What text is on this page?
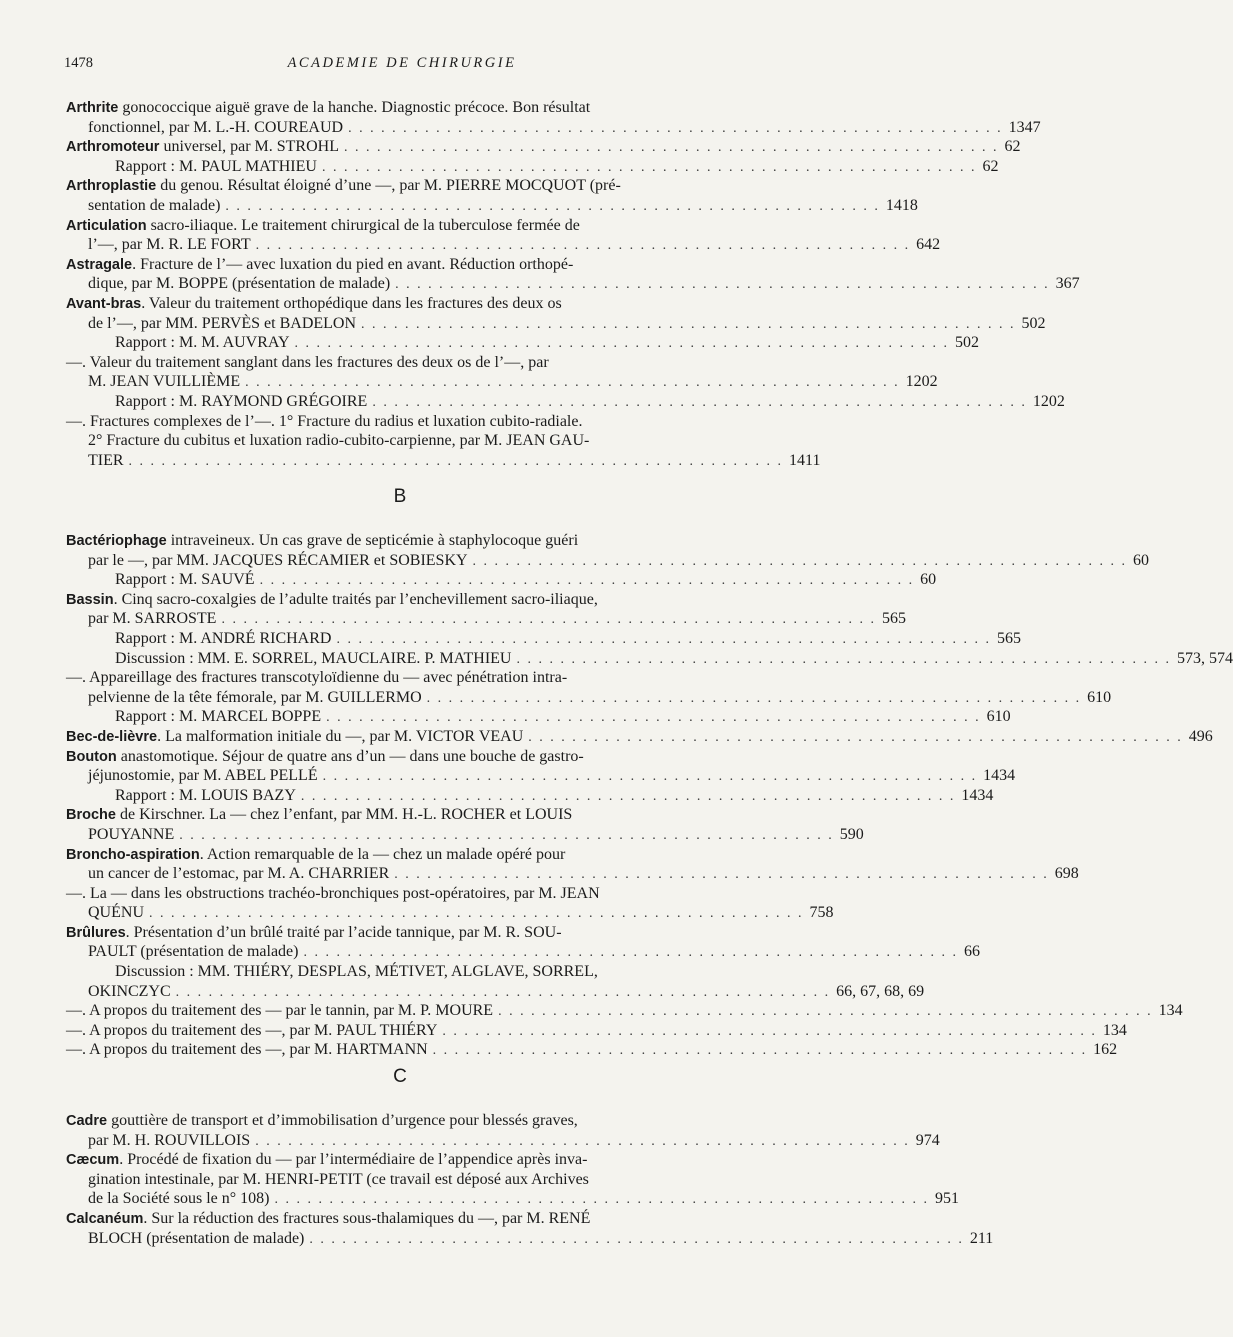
1478	ACADEMIE DE CHIRURGIE
Arthrite gonococcique aiguë grave de la hanche. Diagnostic précoce. Bon résultat
fonctionnel, par M. L.-H. COUREAUD . . . . . . . . . . . . . . . . . . . . . . . . . . . . . . . . . . . . . . . . . . . . . . . . . . . . . . . . . . . . 1347
Arthromoteur universel, par M. STROHL . . . . . . . . . . . . . . . . . . . . . . . . . . . . . . . . . . . . . . . . . . . . . . . . . . . . . . . . . . . . 62
Rapport : M. PAUL MATHIEU . . . . . . . . . . . . . . . . . . . . . . . . . . . . . . . . . . . . . . . . . . . . . . . . . . . . . . . . . . . . 62
Arthroplastie du genou. Résultat éloigné d’une —, par M. PIERRE MOCQUOT (pré-
sentation de malade) . . . . . . . . . . . . . . . . . . . . . . . . . . . . . . . . . . . . . . . . . . . . . . . . . . . . . . . . . . . . 1418
Articulation sacro-iliaque. Le traitement chirurgical de la tuberculose fermée de
l’—, par M. R. LE FORT . . . . . . . . . . . . . . . . . . . . . . . . . . . . . . . . . . . . . . . . . . . . . . . . . . . . . . . . . . . . 642
Astragale. Fracture de l’— avec luxation du pied en avant. Réduction orthopé-
dique, par M. BOPPE (présentation de malade) . . . . . . . . . . . . . . . . . . . . . . . . . . . . . . . . . . . . . . . . . . . . . . . . . . . . . . . . . . . . 367
Avant-bras. Valeur du traitement orthopédique dans les fractures des deux os
de l’—, par MM. PERVÈS et BADELON . . . . . . . . . . . . . . . . . . . . . . . . . . . . . . . . . . . . . . . . . . . . . . . . . . . . . . . . . . . . 502
Rapport : M. M. AUVRAY . . . . . . . . . . . . . . . . . . . . . . . . . . . . . . . . . . . . . . . . . . . . . . . . . . . . . . . . . . . . 502
—. Valeur du traitement sanglant dans les fractures des deux os de l’—, par
M. JEAN VUILLIÈME . . . . . . . . . . . . . . . . . . . . . . . . . . . . . . . . . . . . . . . . . . . . . . . . . . . . . . . . . . . . 1202
Rapport : M. RAYMOND GRÉGOIRE . . . . . . . . . . . . . . . . . . . . . . . . . . . . . . . . . . . . . . . . . . . . . . . . . . . . . . . . . . . . 1202
—. Fractures complexes de l’—. 1° Fracture du radius et luxation cubito-radiale.
2° Fracture du cubitus et luxation radio-cubito-carpienne, par M. JEAN GAU-
TIER . . . . . . . . . . . . . . . . . . . . . . . . . . . . . . . . . . . . . . . . . . . . . . . . . . . . . . . . . . . . 1411
B
Bactériophage intraveineux. Un cas grave de septicémie à staphylocoque guéri
par le —, par MM. JACQUES RÉCAMIER et SOBIESKY . . . . . . . . . . . . . . . . . . . . . . . . . . . . . . . . . . . . . . . . . . . . . . . . . . . . . . . . . . . . 60
Rapport : M. SAUVÉ . . . . . . . . . . . . . . . . . . . . . . . . . . . . . . . . . . . . . . . . . . . . . . . . . . . . . . . . . . . . 60
Bassin. Cinq sacro-coxalgies de l’adulte traités par l’enchevillement sacro-iliaque,
par M. SARROSTE . . . . . . . . . . . . . . . . . . . . . . . . . . . . . . . . . . . . . . . . . . . . . . . . . . . . . . . . . . . . 565
Rapport : M. ANDRÉ RICHARD . . . . . . . . . . . . . . . . . . . . . . . . . . . . . . . . . . . . . . . . . . . . . . . . . . . . . . . . . . . . 565
Discussion : MM. E. SORREL, MAUCLAIRE. P. MATHIEU . . . . . . . . . . . . . . . . . . . . . . . . . . . . . . . . . . . . . . . . . . . . . . . . . . . . . . . . . . . . 573, 574
—. Appareillage des fractures transcotyloïdienne du — avec pénétration intra-
pelvienne de la tête fémorale, par M. GUILLERMO . . . . . . . . . . . . . . . . . . . . . . . . . . . . . . . . . . . . . . . . . . . . . . . . . . . . . . . . . . . . 610
Rapport : M. MARCEL BOPPE . . . . . . . . . . . . . . . . . . . . . . . . . . . . . . . . . . . . . . . . . . . . . . . . . . . . . . . . . . . . 610
Bec-de-lièvre. La malformation initiale du —, par M. VICTOR VEAU . . . . . . . . . . . . . . . . . . . . . . . . . . . . . . . . . . . . . . . . . . . . . . . . . . . . . . . . . . . . 496
Bouton anastomotique. Séjour de quatre ans d’un — dans une bouche de gastro-
jéjunostomie, par M. ABEL PELLÉ . . . . . . . . . . . . . . . . . . . . . . . . . . . . . . . . . . . . . . . . . . . . . . . . . . . . . . . . . . . . 1434
Rapport : M. LOUIS BAZY . . . . . . . . . . . . . . . . . . . . . . . . . . . . . . . . . . . . . . . . . . . . . . . . . . . . . . . . . . . . 1434
Broche de Kirschner. La — chez l’enfant, par MM. H.-L. ROCHER et LOUIS
POUYANNE . . . . . . . . . . . . . . . . . . . . . . . . . . . . . . . . . . . . . . . . . . . . . . . . . . . . . . . . . . . . 590
Broncho-aspiration. Action remarquable de la — chez un malade opéré pour
un cancer de l’estomac, par M. A. CHARRIER . . . . . . . . . . . . . . . . . . . . . . . . . . . . . . . . . . . . . . . . . . . . . . . . . . . . . . . . . . . . 698
—. La — dans les obstructions trachéo-bronchiques post-opératoires, par M. JEAN
QUÉNU . . . . . . . . . . . . . . . . . . . . . . . . . . . . . . . . . . . . . . . . . . . . . . . . . . . . . . . . . . . . 758
Brûlures. Présentation d’un brûlé traité par l’acide tannique, par M. R. SOU-
PAULT (présentation de malade) . . . . . . . . . . . . . . . . . . . . . . . . . . . . . . . . . . . . . . . . . . . . . . . . . . . . . . . . . . . . 66
Discussion : MM. THIÉRY, DESPLAS, MÉTIVET, ALGLAVE, SORREL,
OKINCZYC . . . . . . . . . . . . . . . . . . . . . . . . . . . . . . . . . . . . . . . . . . . . . . . . . . . . . . . . . . . . 66, 67, 68, 69
—. A propos du traitement des — par le tannin, par M. P. MOURE . . . . . . . . . . . . . . . . . . . . . . . . . . . . . . . . . . . . . . . . . . . . . . . . . . . . . . . . . . . . 134
—. A propos du traitement des —, par M. PAUL THIÉRY . . . . . . . . . . . . . . . . . . . . . . . . . . . . . . . . . . . . . . . . . . . . . . . . . . . . . . . . . . . . 134
—. A propos du traitement des —, par M. HARTMANN . . . . . . . . . . . . . . . . . . . . . . . . . . . . . . . . . . . . . . . . . . . . . . . . . . . . . . . . . . . . 162
C
Cadre gouttière de transport et d’immobilisation d’urgence pour blessés graves,
par M. H. ROUVILLOIS . . . . . . . . . . . . . . . . . . . . . . . . . . . . . . . . . . . . . . . . . . . . . . . . . . . . . . . . . . . . 974
Cæcum. Procédé de fixation du — par l’intermédiaire de l’appendice après inva-
gination intestinale, par M. HENRI-PETIT (ce travail est déposé aux Archives
de la Société sous le n° 108) . . . . . . . . . . . . . . . . . . . . . . . . . . . . . . . . . . . . . . . . . . . . . . . . . . . . . . . . . . . . 951
Calcanéum. Sur la réduction des fractures sous-thalamiques du —, par M. RENÉ
BLOCH (présentation de malade) . . . . . . . . . . . . . . . . . . . . . . . . . . . . . . . . . . . . . . . . . . . . . . . . . . . . . . . . . . . . 211
